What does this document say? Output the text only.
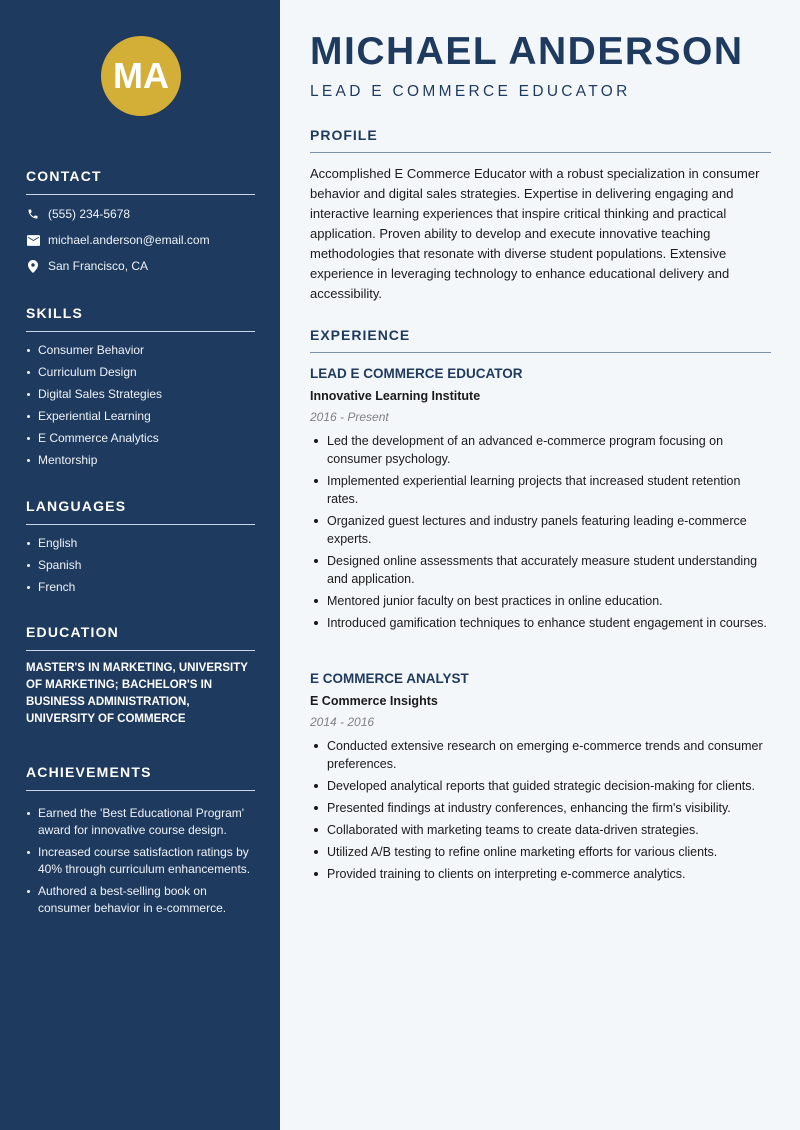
MA
CONTACT
(555) 234-5678
michael.anderson@email.com
San Francisco, CA
SKILLS
Consumer Behavior
Curriculum Design
Digital Sales Strategies
Experiential Learning
E Commerce Analytics
Mentorship
LANGUAGES
English
Spanish
French
EDUCATION
MASTER'S IN MARKETING, UNIVERSITY OF MARKETING; BACHELOR'S IN BUSINESS ADMINISTRATION, UNIVERSITY OF COMMERCE
ACHIEVEMENTS
Earned the 'Best Educational Program' award for innovative course design.
Increased course satisfaction ratings by 40% through curriculum enhancements.
Authored a best-selling book on consumer behavior in e-commerce.
MICHAEL ANDERSON
LEAD E COMMERCE EDUCATOR
PROFILE
Accomplished E Commerce Educator with a robust specialization in consumer behavior and digital sales strategies. Expertise in delivering engaging and interactive learning experiences that inspire critical thinking and practical application. Proven ability to develop and execute innovative teaching methodologies that resonate with diverse student populations. Extensive experience in leveraging technology to enhance educational delivery and accessibility.
EXPERIENCE
LEAD E COMMERCE EDUCATOR
Innovative Learning Institute
2016 - Present
Led the development of an advanced e-commerce program focusing on consumer psychology.
Implemented experiential learning projects that increased student retention rates.
Organized guest lectures and industry panels featuring leading e-commerce experts.
Designed online assessments that accurately measure student understanding and application.
Mentored junior faculty on best practices in online education.
Introduced gamification techniques to enhance student engagement in courses.
E COMMERCE ANALYST
E Commerce Insights
2014 - 2016
Conducted extensive research on emerging e-commerce trends and consumer preferences.
Developed analytical reports that guided strategic decision-making for clients.
Presented findings at industry conferences, enhancing the firm's visibility.
Collaborated with marketing teams to create data-driven strategies.
Utilized A/B testing to refine online marketing efforts for various clients.
Provided training to clients on interpreting e-commerce analytics.
